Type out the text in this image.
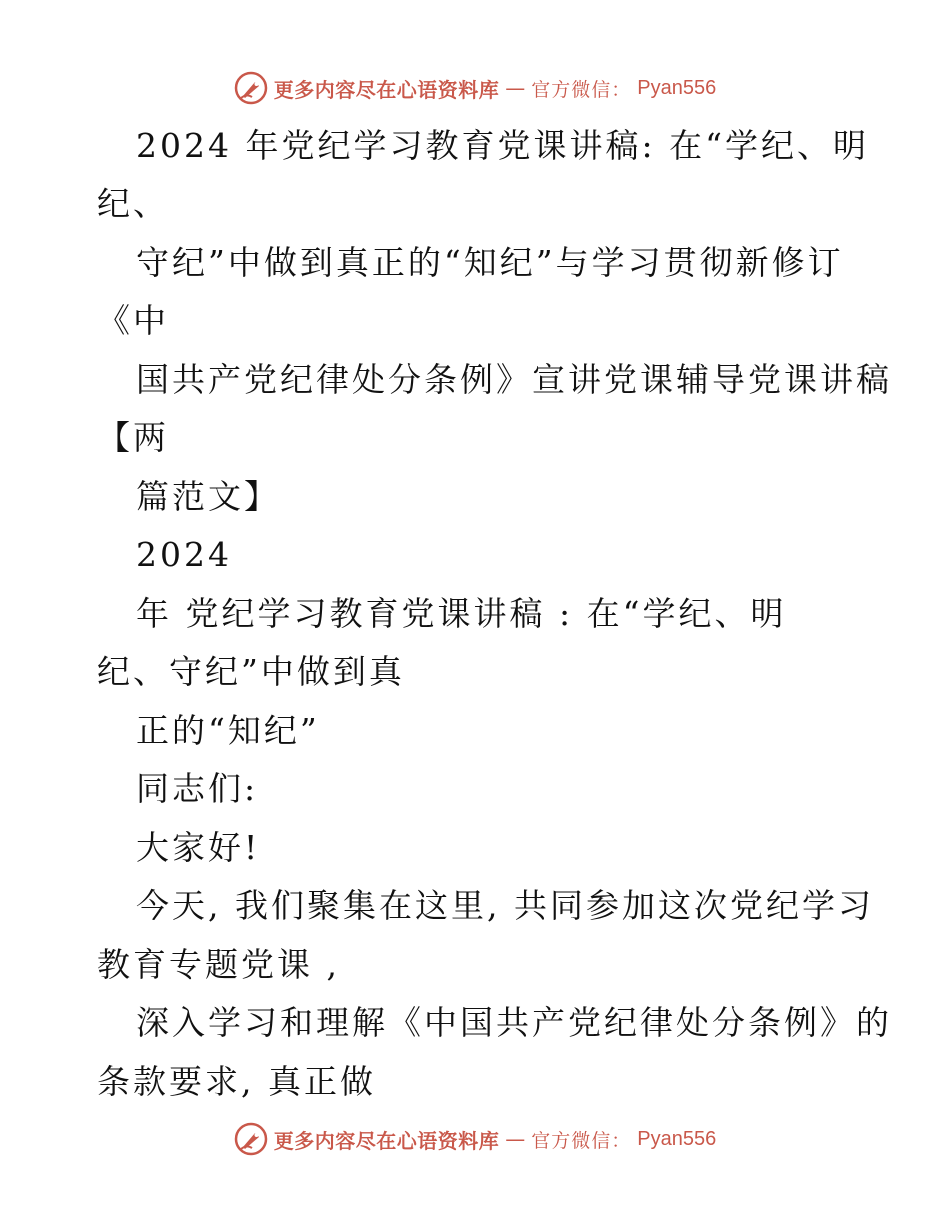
更多内容尽在心语资料库 — 官方微信： Pyan556
2024 年党纪学习教育党课讲稿: 在“学纪、明
纪、
守纪”中做到真正的“知纪”与学习贯彻新修订
《中
国共产党纪律处分条例》宣讲党课辅导党课讲稿
【两
篇范文】
2024
年 党纪学习教育党课讲稿 : 在“学纪、明
纪、守纪”中做到真
正的“知纪”
同志们:
大家好!
今天, 我们聚集在这里, 共同参加这次党纪学习
教育专题党课 ,
深入学习和理解《中国共产党纪律处分条例》的
条款要求, 真正做
更多内容尽在心语资料库 — 官方微信： Pyan556
